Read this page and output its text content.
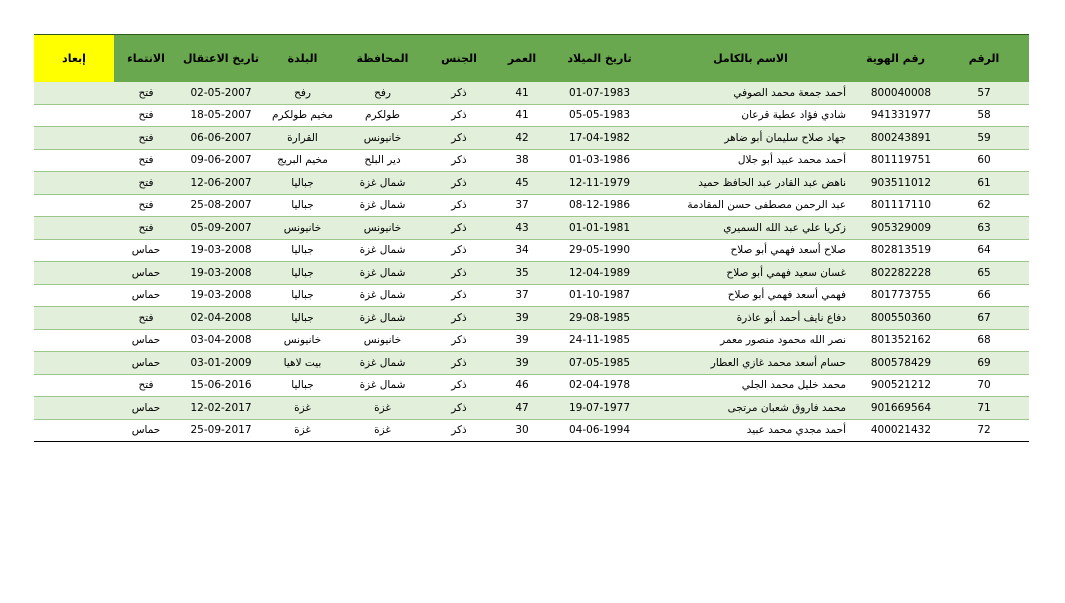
الرقم	رقم الهوية	الاسم بالكامل	تاريخ الميلاد	العمر	الجنس	المحافظة	البلدة	تاريخ الاعتقال	الانتماء	إبعاد
57	800040008	أحمد جمعة محمد الصوفي	01-07-1983	41	ذكر	رفح	رفح	02-05-2007	فتح	
58	941331977	شادي فؤاد عطية قرعان	05-05-1983	41	ذكر	طولكرم	مخيم طولكرم	18-05-2007	فتح	
59	800243891	جهاد صلاح سليمان أبو ضاهر	17-04-1982	42	ذكر	خانيونس	القرارة	06-06-2007	فتح	
60	801119751	أحمد محمد عبيد أبو جلال	01-03-1986	38	ذكر	دير البلح	مخيم البريج	09-06-2007	فتح	
61	903511012	ناهض عبد القادر عبد الحافظ حميد	12-11-1979	45	ذكر	شمال غزة	جباليا	12-06-2007	فتح	
62	801117110	عبد الرحمن مصطفى حسن المقادمة	08-12-1986	37	ذكر	شمال غزة	جباليا	25-08-2007	فتح	
63	905329009	زكريا علي عبد الله السميري	01-01-1981	43	ذكر	خانيونس	خانيونس	05-09-2007	فتح	
64	802813519	صلاح أسعد فهمي أبو صلاح	29-05-1990	34	ذكر	شمال غزة	جباليا	19-03-2008	حماس	
65	802282228	غسان سعيد فهمي أبو صلاح	12-04-1989	35	ذكر	شمال غزة	جباليا	19-03-2008	حماس	
66	801773755	فهمي أسعد فهمي أبو صلاح	01-10-1987	37	ذكر	شمال غزة	جباليا	19-03-2008	حماس	
67	800550360	دفاع نايف أحمد أبو عاذرة	29-08-1985	39	ذكر	شمال غزة	جباليا	02-04-2008	فتح	
68	801352162	نصر الله محمود منصور معمر	24-11-1985	39	ذكر	خانيونس	خانيونس	03-04-2008	حماس	
69	800578429	حسام أسعد محمد غازي العطار	07-05-1985	39	ذكر	شمال غزة	بيت لاهيا	03-01-2009	حماس	
70	900521212	محمد خليل محمد الجلي	02-04-1978	46	ذكر	شمال غزة	جباليا	15-06-2016	فتح	
71	901669564	محمد فاروق شعبان مرتجى	19-07-1977	47	ذكر	غزة	غزة	12-02-2017	حماس	
72	400021432	أحمد مجدي محمد عبيد	04-06-1994	30	ذكر	غزة	غزة	25-09-2017	حماس	
